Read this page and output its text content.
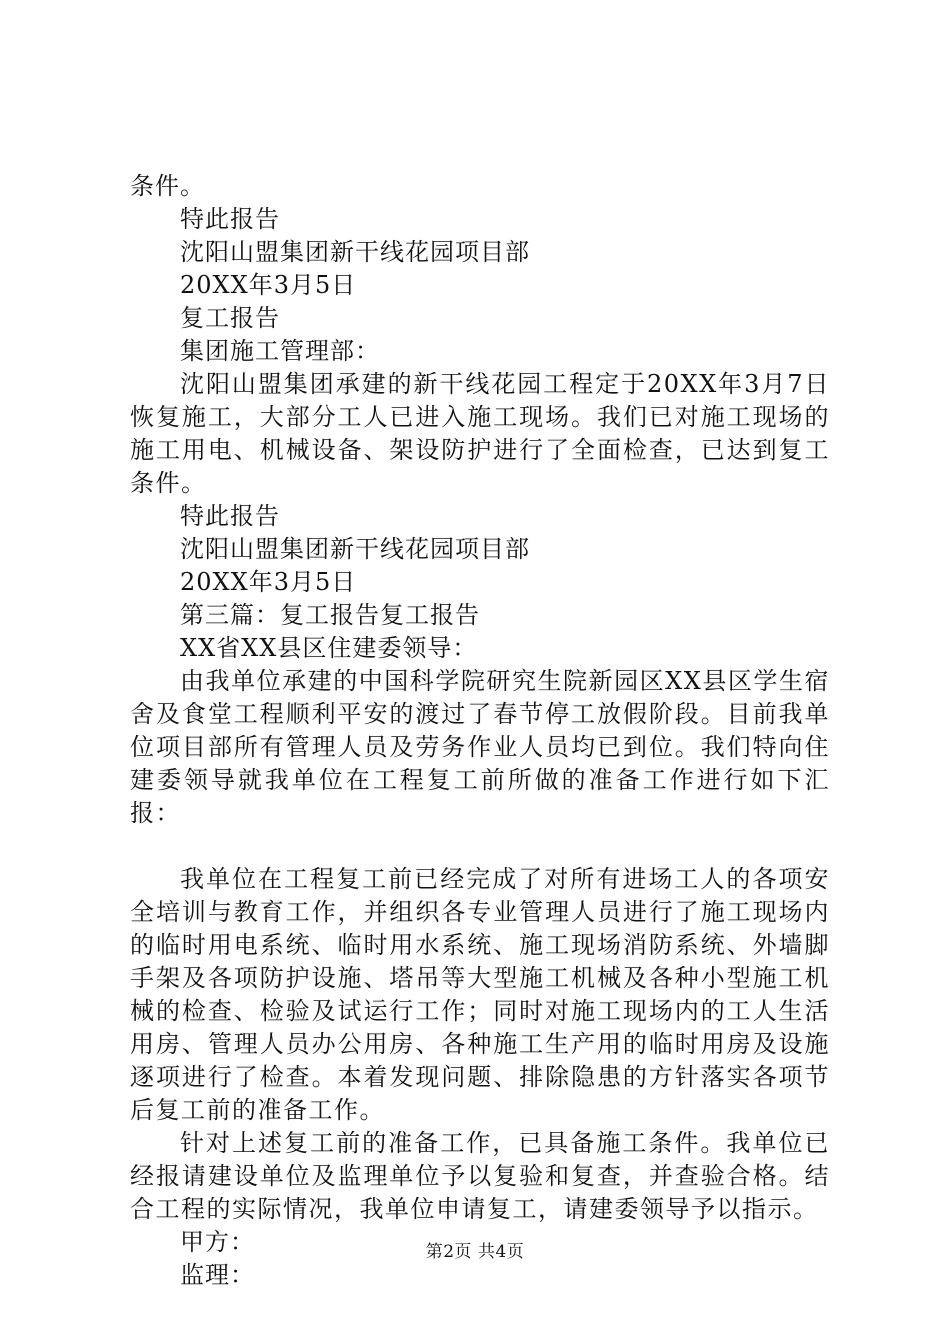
条件。
特此报告
沈阳山盟集团新干线花园项目部
20XX年3月5日
复工报告
集团施工管理部：
沈阳山盟集团承建的新干线花园工程定于20XX年3月7日恢复施工，大部分工人已进入施工现场。我们已对施工现场的施工用电、机械设备、架设防护进行了全面检查，已达到复工条件。
特此报告
沈阳山盟集团新干线花园项目部
20XX年3月5日
第三篇：复工报告复工报告
XX省XX县区住建委领导：
由我单位承建的中国科学院研究生院新园区XX县区学生宿舍及食堂工程顺利平安的渡过了春节停工放假阶段。目前我单位项目部所有管理人员及劳务作业人员均已到位。我们特向住建委领导就我单位在工程复工前所做的准备工作进行如下汇报：
我单位在工程复工前已经完成了对所有进场工人的各项安全培训与教育工作，并组织各专业管理人员进行了施工现场内的临时用电系统、临时用水系统、施工现场消防系统、外墙脚手架及各项防护设施、塔吊等大型施工机械及各种小型施工机械的检查、检验及试运行工作；同时对施工现场内的工人生活用房、管理人员办公用房、各种施工生产用的临时用房及设施逐项进行了检查。本着发现问题、排除隐患的方针落实各项节后复工前的准备工作。
针对上述复工前的准备工作，已具备施工条件。我单位已经报请建设单位及监理单位予以复验和复查，并查验合格。结合工程的实际情况，我单位申请复工，请建委领导予以指示。
甲方：
监理：
第2页 共4页
